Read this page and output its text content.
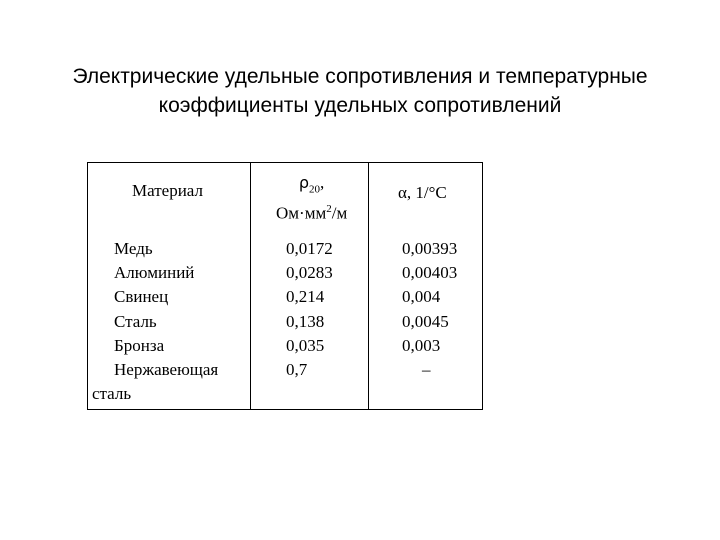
Электрические удельные сопротивления и температурные
коэффициенты удельных сопротивлений
Материал	$\rho_{20}$,
$Ом\cdot мм^2/м$
α, 1/°С
Медь
Алюминий
Свинец
Сталь
Бронза
Нержавеющая
сталь
0,0172
0,0283
0,214
0,138
0,035
0,7
0,00393
0,00403
0,004
0,0045
0,003
–
